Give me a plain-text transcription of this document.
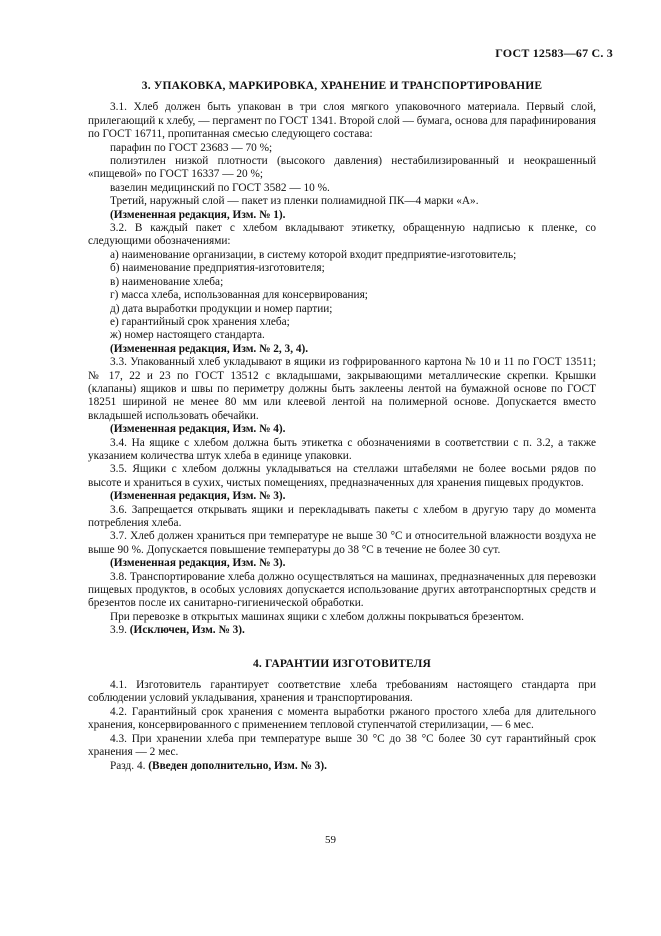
ГОСТ 12583—67 С. 3
3. УПАКОВКА, МАРКИРОВКА, ХРАНЕНИЕ И ТРАНСПОРТИРОВАНИЕ

3.1. Хлеб должен быть упакован в три слоя мягкого упаковочного материала. Первый слой, прилегающий к хлебу, — пергамент по ГОСТ 1341. Второй слой — бумага, основа для парафинирования по ГОСТ 16711, пропитанная смесью следующего состава:

парафин по ГОСТ 23683 — 70 %;

полиэтилен низкой плотности (высокого давления) нестабилизированный и неокрашенный «пищевой» по ГОСТ 16337 — 20 %;

вазелин медицинский по ГОСТ 3582 — 10 %.

Третий, наружный слой — пакет из пленки полиамидной ПК—4 марки «А».

(Измененная редакция, Изм. № 1).

3.2. В каждый пакет с хлебом вкладывают этикетку, обращенную надписью к пленке, со следующими обозначениями:

а) наименование организации, в систему которой входит предприятие-изготовитель;

б) наименование предприятия-изготовителя;

в) наименование хлеба;

г) масса хлеба, использованная для консервирования;

д) дата выработки продукции и номер партии;

е) гарантийный срок хранения хлеба;

ж) номер настоящего стандарта.

(Измененная редакция, Изм. № 2, 3, 4).

3.3. Упакованный хлеб укладывают в ящики из гофрированного картона № 10 и 11 по ГОСТ 13511; № 17, 22 и 23 по ГОСТ 13512 с вкладышами, закрывающими металлические скрепки. Крышки (клапаны) ящиков и швы по периметру должны быть заклеены лентой на бумажной основе по ГОСТ 18251 шириной не менее 80 мм или клеевой лентой на полимерной основе. Допускается вместо вкладышей использовать обечайки.

(Измененная редакция, Изм. № 4).

3.4. На ящике с хлебом должна быть этикетка с обозначениями в соответствии с п. 3.2, а также указанием количества штук хлеба в единице упаковки.

3.5. Ящики с хлебом должны укладываться на стеллажи штабелями не более восьми рядов по высоте и храниться в сухих, чистых помещениях, предназначенных для хранения пищевых продуктов.

(Измененная редакция, Изм. № 3).

3.6. Запрещается открывать ящики и перекладывать пакеты с хлебом в другую тару до момента потребления хлеба.

3.7. Хлеб должен храниться при температуре не выше 30 °С и относительной влажности воздуха не выше 90 %. Допускается повышение температуры до 38 °С в течение не более 30 сут.

(Измененная редакция, Изм. № 3).

3.8. Транспортирование хлеба должно осуществляться на машинах, предназначенных для перевозки пищевых продуктов, в особых условиях допускается использование других автотранспортных средств и брезентов после их санитарно-гигиенической обработки.

При перевозке в открытых машинах ящики с хлебом должны покрываться брезентом.

3.9. (Исключен, Изм. № 3).

4. ГАРАНТИИ ИЗГОТОВИТЕЛЯ

4.1. Изготовитель гарантирует соответствие хлеба требованиям настоящего стандарта при соблюдении условий укладывания, хранения и транспортирования.

4.2. Гарантийный срок хранения с момента выработки ржаного простого хлеба для длительного хранения, консервированного с применением тепловой ступенчатой стерилизации, — 6 мес.

4.3. При хранении хлеба при температуре выше 30 °С до 38 °С более 30 сут гарантийный срок хранения — 2 мес.

Разд. 4. (Введен дополнительно, Изм. № 3).

59
